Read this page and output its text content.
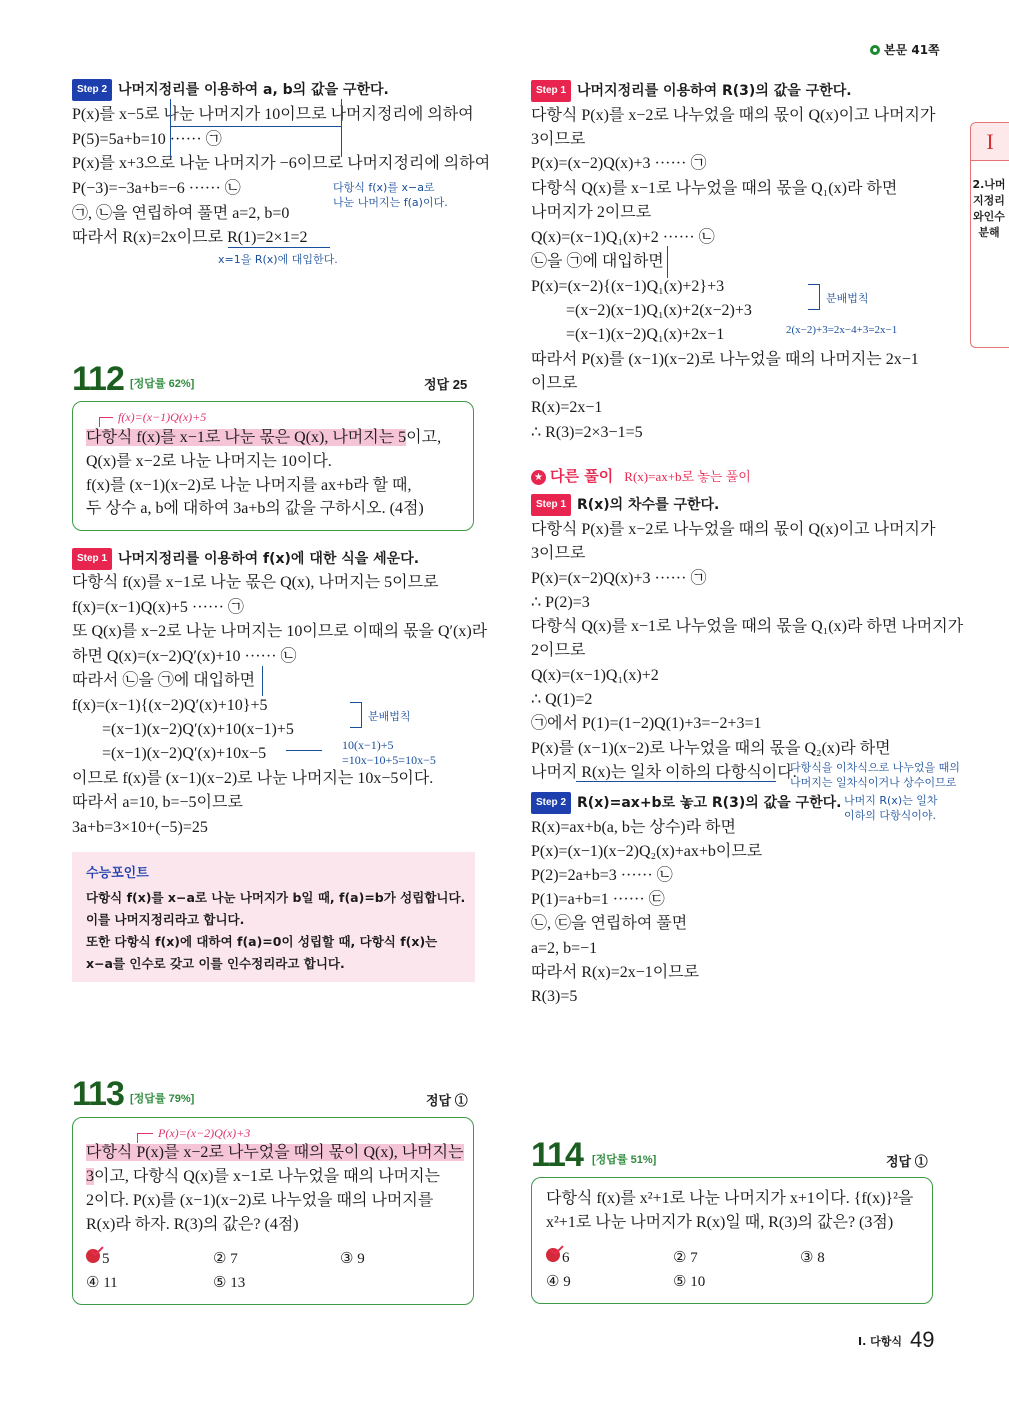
본문 41쪽
I
2.나머지정리와인수분해
Step 2 나머지정리를 이용하여 a, b의 값을 구한다.
P(x)를 x−5로 나눈 나머지가 10이므로 나머지정리에 의하여
P(5)=5a+b=10 ······ ㉠
P(x)를 x+3으로 나눈 나머지가 −6이므로 나머지정리에 의하여
P(−3)=−3a+b=−6 ······ ㉡
㉠, ㉡을 연립하여 풀면 a=2, b=0
따라서 R(x)=2x이므로 R(1)=2×1=2
다항식 f(x)를 x−a로
나눈 나머지는 f(a)이다.
x=1을 R(x)에 대입한다.
112 [정답률 62%]	정답 25
f(x)=(x−1)Q(x)+5
다항식 f(x)를 x−1로 나눈 몫은 Q(x), 나머지는 5이고,
Q(x)를 x−2로 나눈 나머지는 10이다.
f(x)를 (x−1)(x−2)로 나눈 나머지를 ax+b라 할 때,
두 상수 a, b에 대하여 3a+b의 값을 구하시오. (4점)
Step 1 나머지정리를 이용하여 f(x)에 대한 식을 세운다.
다항식 f(x)를 x−1로 나눈 몫은 Q(x), 나머지는 5이므로
f(x)=(x−1)Q(x)+5 ······ ㉠
또 Q(x)를 x−2로 나눈 나머지는 10이므로 이때의 몫을 Q′(x)라
하면 Q(x)=(x−2)Q′(x)+10 ······ ㉡
따라서 ㉡을 ㉠에 대입하면
f(x)=(x−1){(x−2)Q′(x)+10}+5
=(x−1)(x−2)Q′(x)+10(x−1)+5
=(x−1)(x−2)Q′(x)+10x−5
이므로 f(x)를 (x−1)(x−2)로 나눈 나머지는 10x−5이다.
따라서 a=10, b=−5이므로
3a+b=3×10+(−5)=25
분배법칙
10(x−1)+5
=10x−10+5=10x−5
수능포인트
다항식 f(x)를 x−a로 나눈 나머지가 b일 때, f(a)=b가 성립합니다.
이를 나머지정리라고 합니다.
또한 다항식 f(x)에 대하여 f(a)=0이 성립할 때, 다항식 f(x)는
x−a를 인수로 갖고 이를 인수정리라고 합니다.
113 [정답률 79%]	정답 ①
P(x)=(x−2)Q(x)+3
다항식 P(x)를 x−2로 나누었을 때의 몫이 Q(x), 나머지는
3이고, 다항식 Q(x)를 x−1로 나누었을 때의 나머지는
2이다. P(x)를 (x−1)(x−2)로 나누었을 때의 나머지를
R(x)라 하자. R(3)의 값은? (4점)
5	② 7	③ 9
④ 11	⑤ 13
Step 1 나머지정리를 이용하여 R(3)의 값을 구한다.
다항식 P(x)를 x−2로 나누었을 때의 몫이 Q(x)이고 나머지가
3이므로
P(x)=(x−2)Q(x)+3 ······ ㉠
다항식 Q(x)를 x−1로 나누었을 때의 몫을 Q₁(x)라 하면
나머지가 2이므로
Q(x)=(x−1)Q₁(x)+2 ······ ㉡
㉡을 ㉠에 대입하면
P(x)=(x−2){(x−1)Q₁(x)+2}+3
=(x−2)(x−1)Q₁(x)+2(x−2)+3
=(x−1)(x−2)Q₁(x)+2x−1
따라서 P(x)를 (x−1)(x−2)로 나누었을 때의 나머지는 2x−1
이므로
R(x)=2x−1
∴ R(3)=2×3−1=5
분배법칙
2(x−2)+3=2x−4+3=2x−1
★ 다른 풀이 R(x)=ax+b로 놓는 풀이
Step 1 R(x)의 차수를 구한다.
다항식 P(x)를 x−2로 나누었을 때의 몫이 Q(x)이고 나머지가
3이므로
P(x)=(x−2)Q(x)+3 ······ ㉠
∴ P(2)=3
다항식 Q(x)를 x−1로 나누었을 때의 몫을 Q₁(x)라 하면 나머지가
2이므로
Q(x)=(x−1)Q₁(x)+2
∴ Q(1)=2
㉠에서 P(1)=(1−2)Q(1)+3=−2+3=1
P(x)를 (x−1)(x−2)로 나누었을 때의 몫을 Q₂(x)라 하면
나머지 R(x)는 일차 이하의 다항식이다.
다항식을 이차식으로 나누었을 때의
나머지는 일차식이거나 상수이므로
나머지 R(x)는 일차
이하의 다항식이야.
Step 2 R(x)=ax+b로 놓고 R(3)의 값을 구한다.
R(x)=ax+b(a, b는 상수)라 하면
P(x)=(x−1)(x−2)Q₂(x)+ax+b이므로
P(2)=2a+b=3 ······ ㉡
P(1)=a+b=1 ······ ㉢
㉡, ㉢을 연립하여 풀면
a=2, b=−1
따라서 R(x)=2x−1이므로
R(3)=5
114 [정답률 51%]	정답 ①
다항식 f(x)를 x²+1로 나눈 나머지가 x+1이다. {f(x)}²을
x²+1로 나눈 나머지가 R(x)일 때, R(3)의 값은? (3점)
6	② 7	③ 8
④ 9	⑤ 10
I. 다항식 49
